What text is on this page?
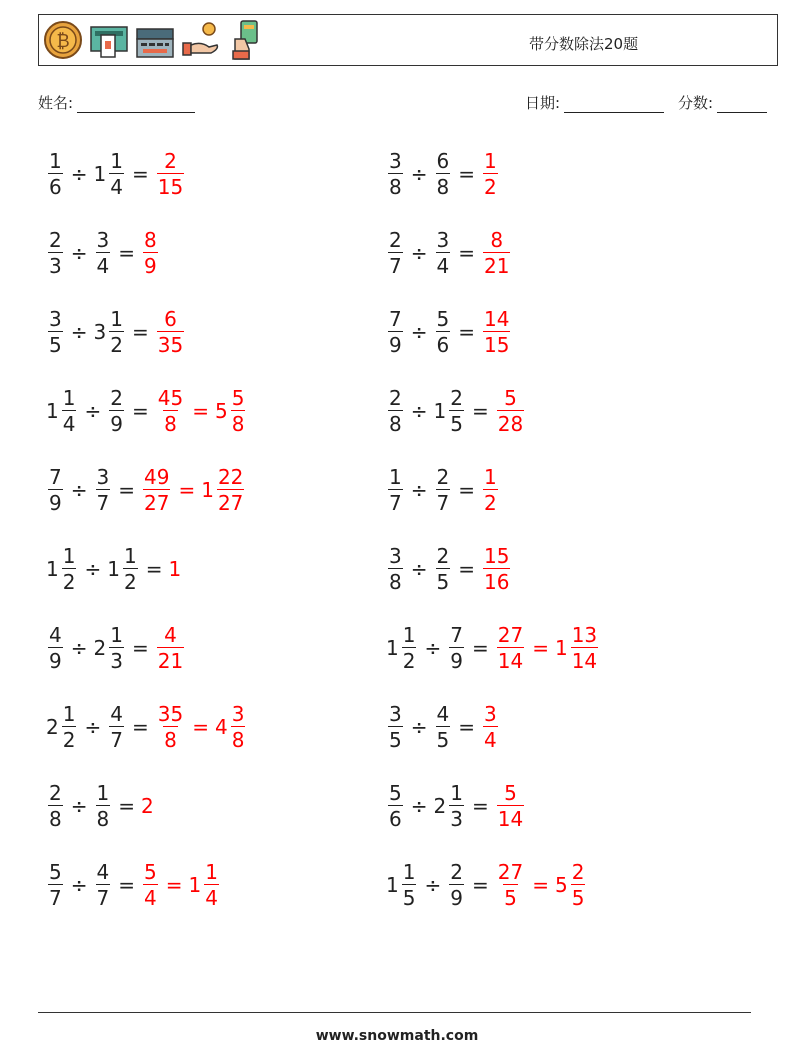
₿	带分数除法20题
姓名:	日期:	分数:
$\frac{1}{6} \div 1 \frac{1}{4} = \frac{2}{15}$	$\frac{3}{8} \div \frac{6}{8} = \frac{1}{2}$
$\frac{2}{3} \div \frac{3}{4} = \frac{8}{9}$	$\frac{2}{7} \div \frac{3}{4} = \frac{8}{21}$
$\frac{3}{5} \div 3 \frac{1}{2} = \frac{6}{35}$	$\frac{7}{9} \div \frac{5}{6} = \frac{14}{15}$
$1 \frac{1}{4} \div \frac{2}{9} = \frac{45}{8} = 5 \frac{5}{8}$	$\frac{2}{8} \div 1 \frac{2}{5} = \frac{5}{28}$
$\frac{7}{9} \div \frac{3}{7} = \frac{49}{27} = 1 \frac{22}{27}$	$\frac{1}{7} \div \frac{2}{7} = \frac{1}{2}$
$1 \frac{1}{2} \div 1 \frac{1}{2} = 1$	$\frac{3}{8} \div \frac{2}{5} = \frac{15}{16}$
$\frac{4}{9} \div 2 \frac{1}{3} = \frac{4}{21}$	$1 \frac{1}{2} \div \frac{7}{9} = \frac{27}{14} = 1 \frac{13}{14}$
$2 \frac{1}{2} \div \frac{4}{7} = \frac{35}{8} = 4 \frac{3}{8}$	$\frac{3}{5} \div \frac{4}{5} = \frac{3}{4}$
$\frac{2}{8} \div \frac{1}{8} = 2$	$\frac{5}{6} \div 2 \frac{1}{3} = \frac{5}{14}$
$\frac{5}{7} \div \frac{4}{7} = \frac{5}{4} = 1 \frac{1}{4}$	$1 \frac{1}{5} \div \frac{2}{9} = \frac{27}{5} = 5 \frac{2}{5}$
www.snowmath.com
